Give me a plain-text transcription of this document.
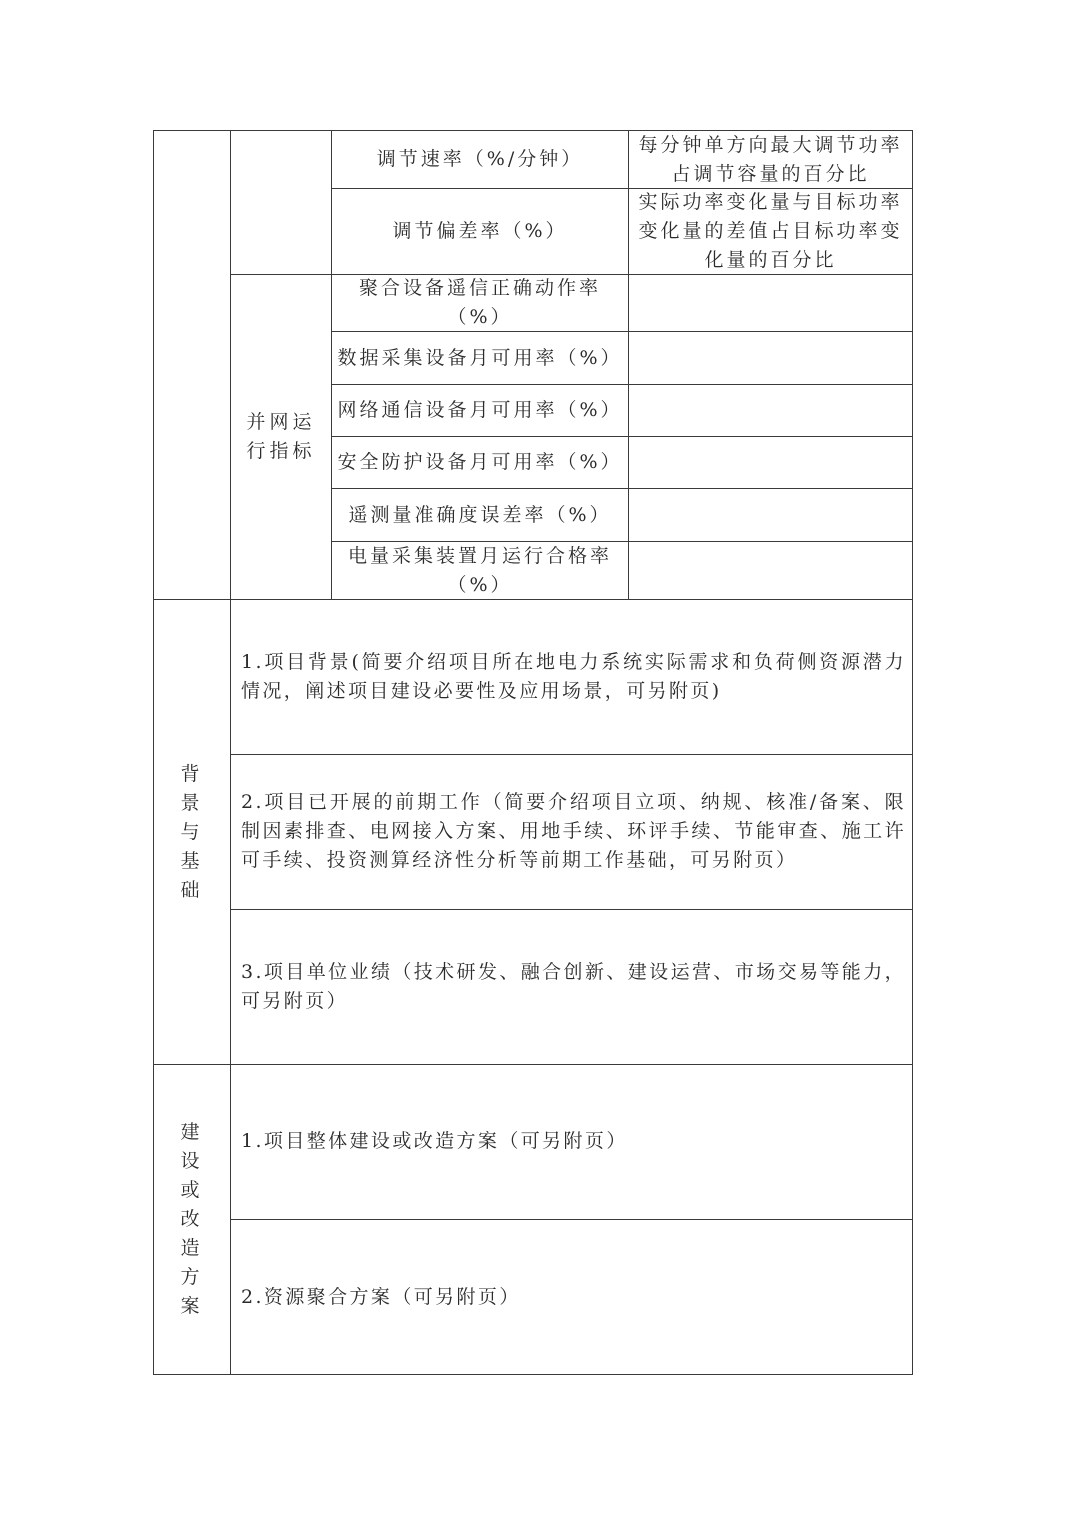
调节速率（%/分钟）
每分钟单方向最大调节功率占调节容量的百分比
调节偏差率（%）
实际功率变化量与目标功率变化量的差值占目标功率变化量的百分比
并网运行指标
聚合设备遥信正确动作率（%）
数据采集设备月可用率（%）
网络通信设备月可用率（%）
安全防护设备月可用率（%）
遥测量准确度误差率（%）
电量采集装置月运行合格率（%）
背景与基础
1.项目背景(简要介绍项目所在地电力系统实际需求和负荷侧资源潜力情况，阐述项目建设必要性及应用场景，可另附页)
2.项目已开展的前期工作（简要介绍项目立项、纳规、核准/备案、限制因素排查、电网接入方案、用地手续、环评手续、节能审查、施工许可手续、投资测算经济性分析等前期工作基础，可另附页）
3.项目单位业绩（技术研发、融合创新、建设运营、市场交易等能力，可另附页）
建设或改造方案
1.项目整体建设或改造方案（可另附页）
2.资源聚合方案（可另附页）
